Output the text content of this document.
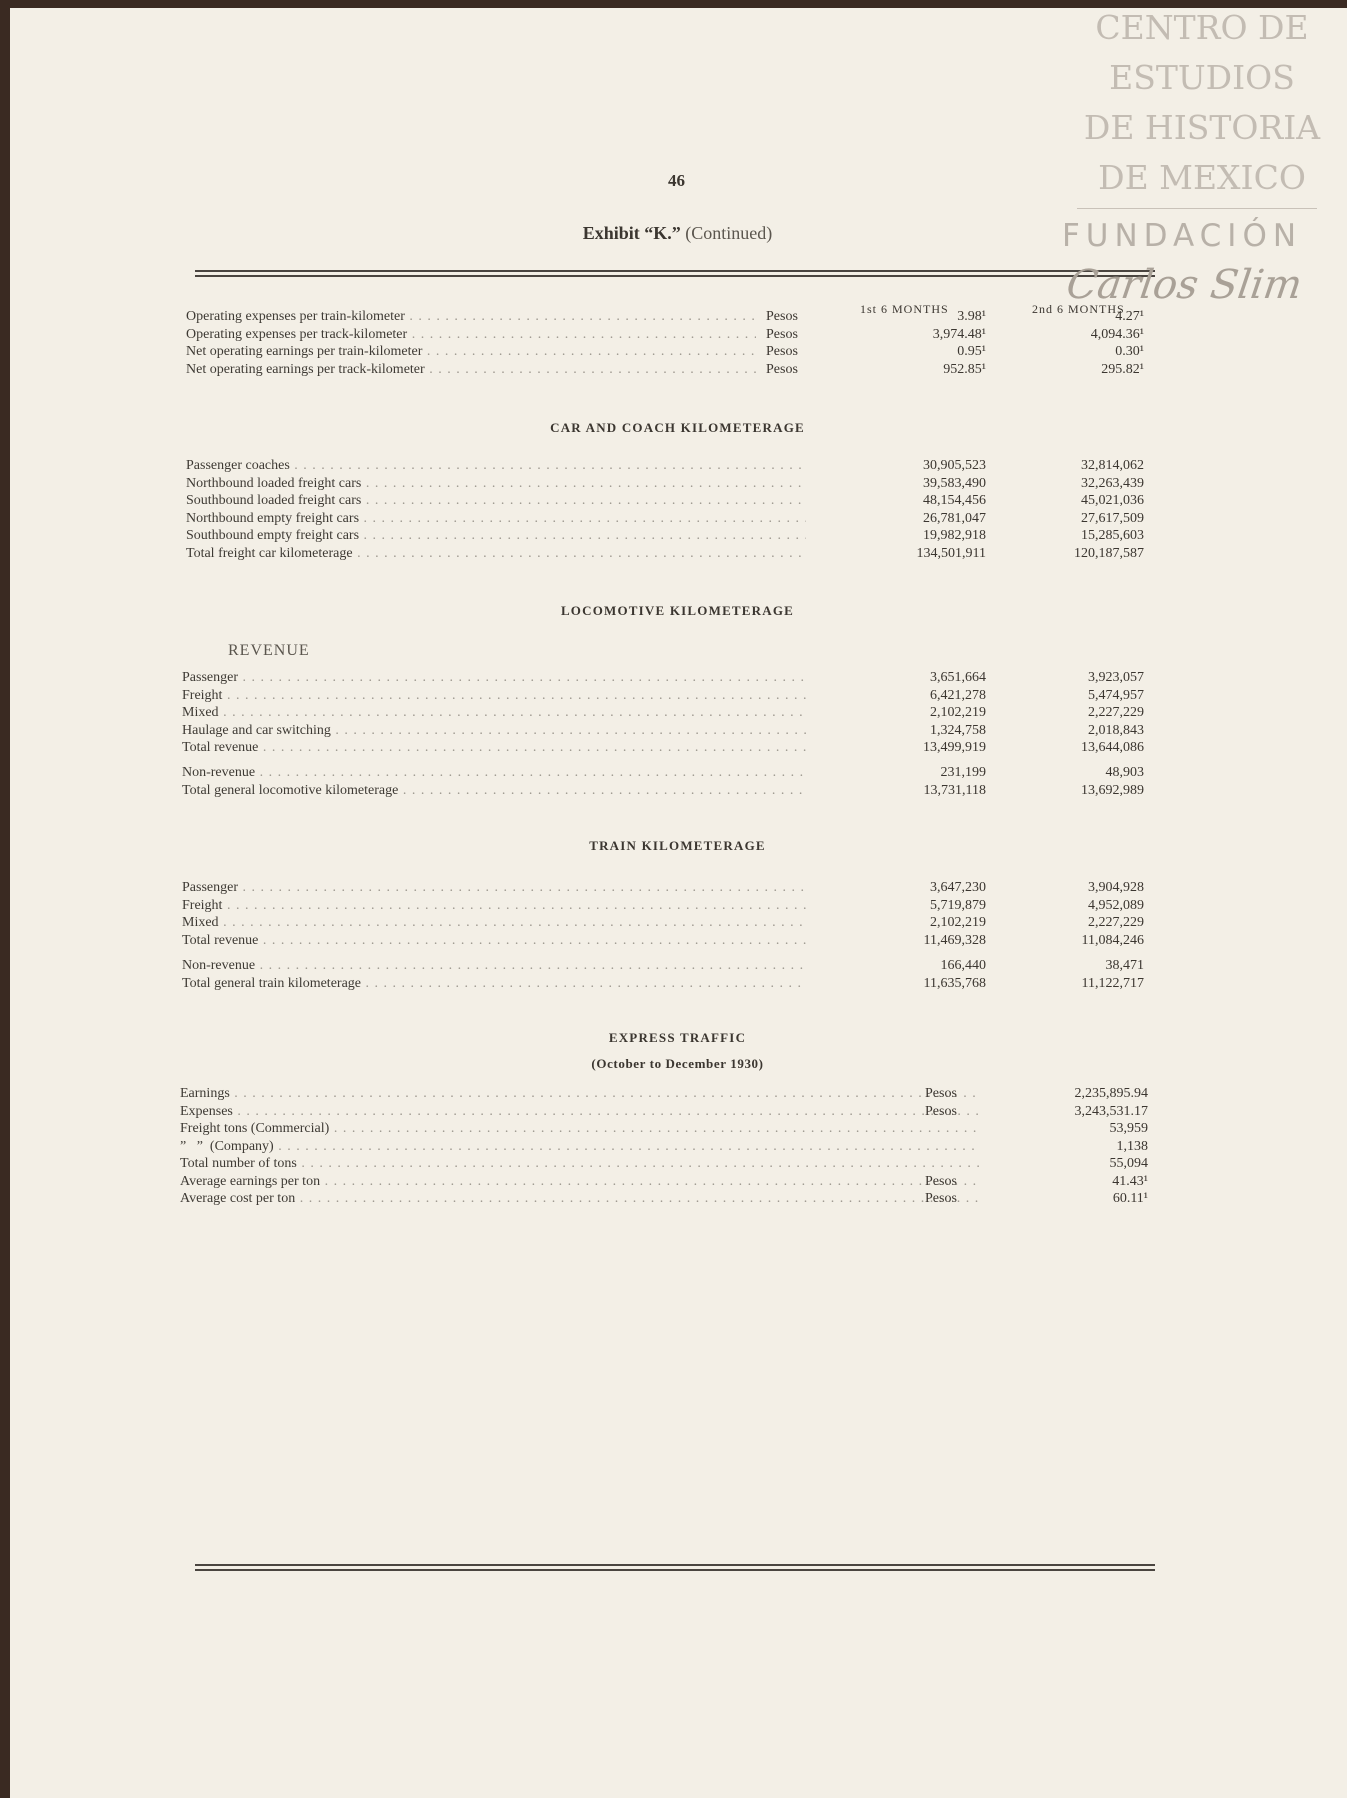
46
Exhibit “K.” (Continued)
1st 6 MONTHS	2nd 6 MONTHS
Operating expenses per train-kilometer . . .	Pesos	3.98¹	4.27¹
Operating expenses per track-kilometer . . .	Pesos	3,974.48¹	4,094.36¹
Net operating earnings per train-kilometer . . .	Pesos	0.95¹	0.30¹
Net operating earnings per track-kilometer . . .	Pesos	952.85¹	295.82¹
CAR AND COACH KILOMETERAGE
Passenger coaches . . .	30,905,523	32,814,062
Northbound loaded freight cars . . .	39,583,490	32,263,439
Southbound loaded freight cars . . .	48,154,456	45,021,036
Northbound empty freight cars . . .	26,781,047	27,617,509
Southbound empty freight cars . . .	19,982,918	15,285,603
Total freight car kilometerage . . .	134,501,911	120,187,587
LOCOMOTIVE KILOMETERAGE
REVENUE
Passenger . . .	3,651,664	3,923,057
Freight . . .	6,421,278	5,474,957
Mixed . . .	2,102,219	2,227,229
Haulage and car switching . . .	1,324,758	2,018,843
Total revenue . . .	13,499,919	13,644,086
Non-revenue . . .	231,199	48,903
Total general locomotive kilometerage . . .	13,731,118	13,692,989
TRAIN KILOMETERAGE
Passenger . . .	3,647,230	3,904,928
Freight . . .	5,719,879	4,952,089
Mixed . . .	2,102,219	2,227,229
Total revenue . . .	11,469,328	11,084,246
Non-revenue . . .	166,440	38,471
Total general train kilometerage . . .	11,635,768	11,122,717
EXPRESS TRAFFIC
(October to December 1930)
Earnings . . .	Pesos	2,235,895.94
Expenses . . .	Pesos	3,243,531.17
Freight tons (Commercial) . . .	53,959
”   ”  (Company) . . .	1,138
Total number of tons . . .	55,094
Average earnings per ton . . .	Pesos	41.43¹
Average cost per ton . . .	Pesos	60.11¹
CENTRO DE
ESTUDIOS
DE HISTORIA
DE MEXICO
FUNDACIÓN
Carlos Slim
